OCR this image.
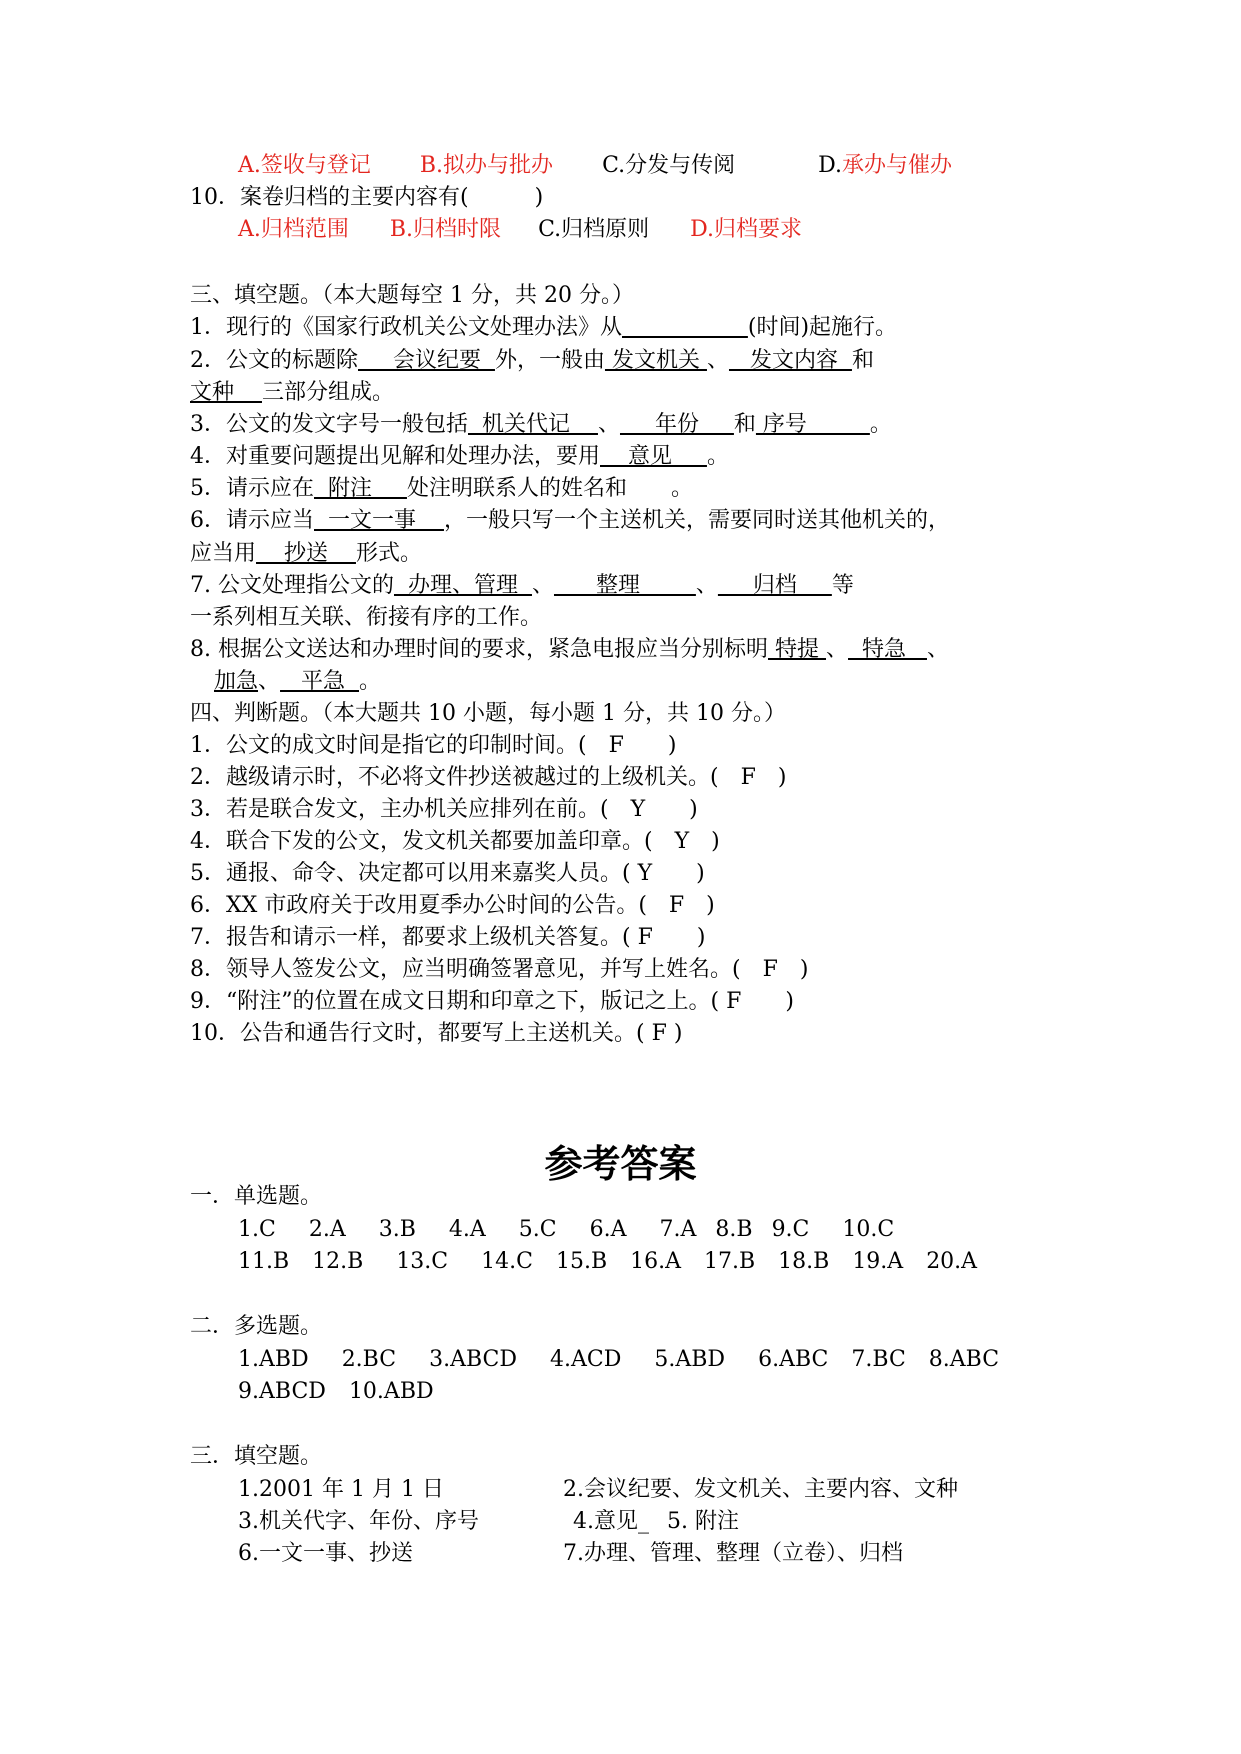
A.签收与登记 B.拟办与批办 C.分发与传阅	D.承办与催办
10．案卷归档的主要内容有(　　　)
A.归档范围 B.归档时限 C.归档原则 D.归档要求
三、填空题。（本大题每空 1 分，共 20 分。）
1．现行的《国家行政机关公文处理办法》从	(时间)起施行。
2．公文的标题除     会议纪要  外，一般由 发文机关 、   发文内容  和
文种    三部分组成。
3．公文的发文字号一般包括  机关代记    、     年份     和 序号         。
4．对重要问题提出见解和处理办法，要用    意见     。
5．请示应在  附注     处注明联系人的姓名和　　。
6．请示应当  一文一事    ，一般只写一个主送机关，需要同时送其他机关的，
应当用    抄送    形式。
7. 公文处理指公文的  办理、管理  、      整理        、     归档     等
一系列相互关联、衔接有序的工作。
8. 根据公文送达和办理时间的要求，紧急电报应当分别标明 特提 、  特急   、
加急、   平急  。
四、判断题。（本大题共 10 小题，每小题 1 分，共 10 分。）
1．公文的成文时间是指它的印制时间。(　F　　)
2．越级请示时，不必将文件抄送被越过的上级机关。(　F　)
3．若是联合发文，主办机关应排列在前。(　Y　　)
4．联合下发的公文，发文机关都要加盖印章。(　Y　)
5．通报、命令、决定都可以用来嘉奖人员。( Y　　)
6．XX 市政府关于改用夏季办公时间的公告。(　F　)
7．报告和请示一样，都要求上级机关答复。( F　　)
8．领导人签发公文，应当明确签署意见，并写上姓名。(　F　)
9．“附注”的位置在成文日期和印章之下，版记之上。( F　　)
10．公告和通告行文时，都要写上主送机关。( F )
参考答案
一．单选题。
1.C 2.A 3.B 4.A 5.C 6.A 7.A 8.B 9.C 10.C
11.B 12.B 13.C 14.C 15.B 16.A 17.B 18.B 19.A 20.A
二．多选题。
1.ABD 2.BC 3.ABCD 4.ACD 5.ABD 6.ABC 7.BC 8.ABC
9.ABCD 10.ABD
三．填空题。
1.2001 年 1 月 1 日	2.会议纪要、发文机关、主要内容、文种
3.机关代字、年份、序号	4.意见_ 5. 附注
6.一文一事、抄送	7.办理、管理、整理（立卷）、归档
